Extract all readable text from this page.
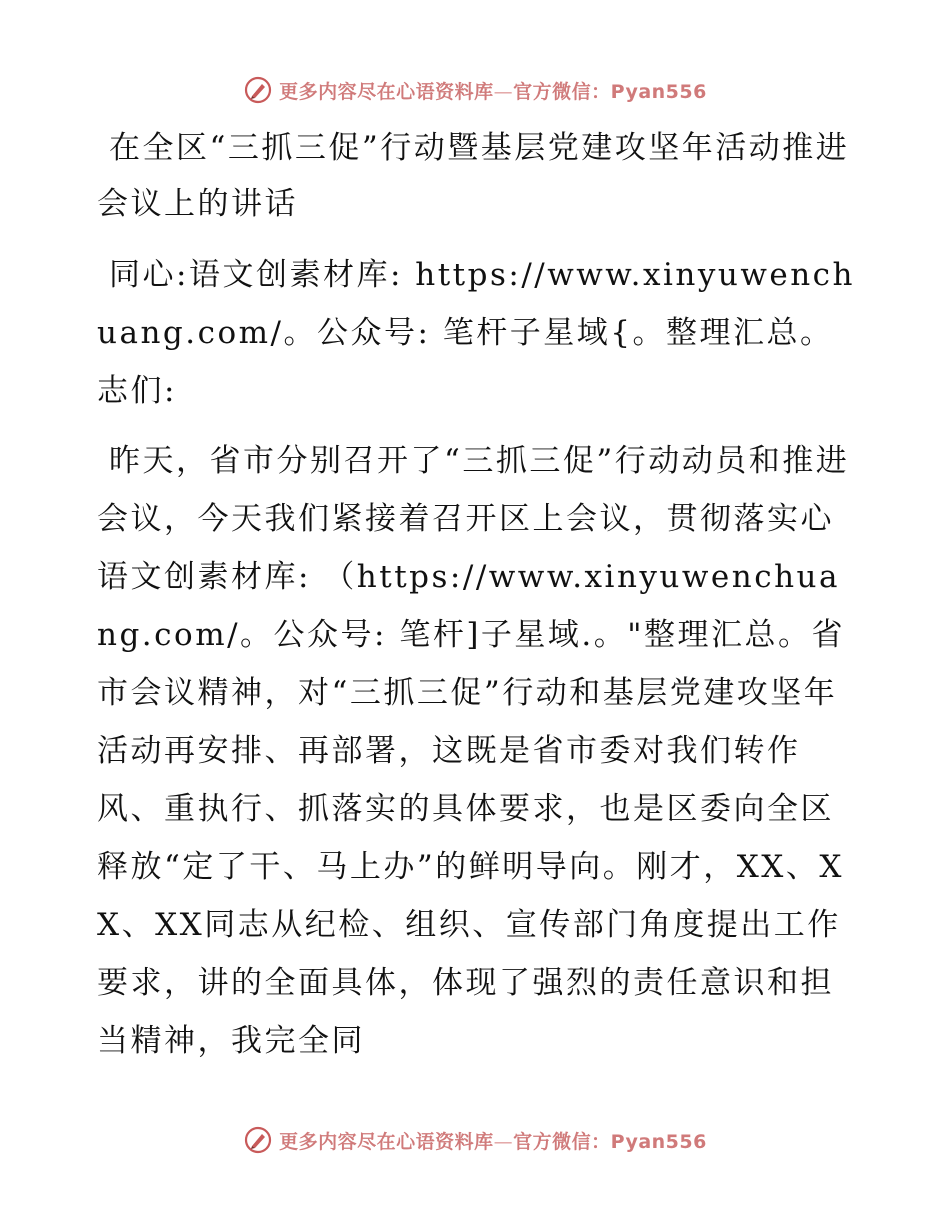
更多内容尽在心语资料库—官方微信：Pyan556
在全区“三抓三促”行动暨基层党建攻坚年活动推进会议上的讲话

同心:语文创素材库: https://www.xinyuwenchuang.com/。公众号: 笔杆子星域{。整理汇总。志们:

昨天，省市分别召开了“三抓三促”行动动员和推进会议，今天我们紧接着召开区上会议，贯彻落实心语文创素材库: （https://www.xinyuwenchuang.com/。公众号: 笔杆]子星域.。"整理汇总。省市会议精神，对“三抓三促”行动和基层党建攻坚年活动再安排、再部署，这既是省市委对我们转作风、重执行、抓落实的具体要求，也是区委向全区释放“定了干、马上办”的鲜明导向。刚才，XX、XX、XX同志从纪检、组织、宣传部门角度提出工作要求，讲的全面具体，体现了强烈的责任意识和担当精神，我完全同

更多内容尽在心语资料库—官方微信：Pyan556
